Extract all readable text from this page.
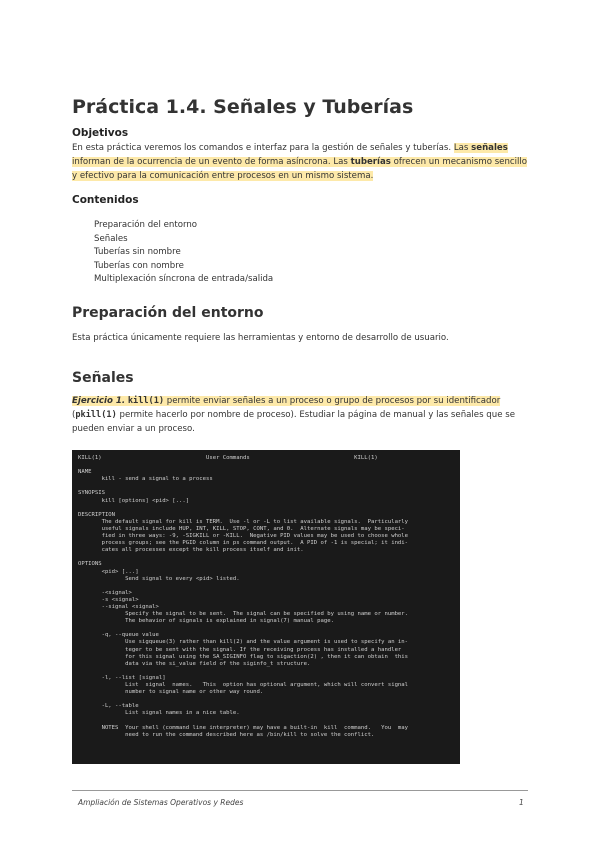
Práctica 1.4. Señales y Tuberías
Objetivos

En esta práctica veremos los comandos e interfaz para la gestión de señales y tuberías. Las señales informan de la ocurrencia de un evento de forma asíncrona. Las tuberías ofrecen un mecanismo sencillo y efectivo para la comunicación entre procesos en un mismo sistema.

Contenidos
Preparación del entorno
Señales
Tuberías sin nombre
Tuberías con nombre
Multiplexación síncrona de entrada/salida
Preparación del entorno

Esta práctica únicamente requiere las herramientas y entorno de desarrollo de usuario.

Señales

Ejercicio 1. kill(1) permite enviar señales a un proceso o grupo de procesos por su identificador (pkill(1) permite hacerlo por nombre de proceso). Estudiar la página de manual y las señales que se pueden enviar a un proceso.

KILL(1)                               User Commands                               KILL(1)

NAME
kill - send a signal to a process

SYNOPSIS
kill [options] <pid> [...]

DESCRIPTION
The default signal for kill is TERM.  Use -l or -L to list available signals.  Particularly
useful signals include HUP, INT, KILL, STOP, CONT, and 0.  Alternate signals may be speci-
fied in three ways: -9, -SIGKILL or -KILL.  Negative PID values may be used to choose whole
process groups; see the PGID column in ps command output.  A PID of -1 is special; it indi-
cates all processes except the kill process itself and init.

OPTIONS
<pid> [...]
Send signal to every <pid> listed.

-<signal>
-s <signal>
--signal <signal>
Specify the signal to be sent.  The signal can be specified by using name or number.
The behavior of signals is explained in signal(7) manual page.

-q, --queue value
Use sigqueue(3) rather than kill(2) and the value argument is used to specify an in-
teger to be sent with the signal. If the receiving process has installed a handler
for this signal using the SA_SIGINFO flag to sigaction(2) , then it can obtain  this
data via the si_value field of the siginfo_t structure.

-l, --list [signal]
List  signal  names.   This  option has optional argument, which will convert signal
number to signal name or other way round.

-L, --table
List signal names in a nice table.

NOTES  Your shell (command line interpreter) may have a built-in  kill  command.   You  may
need to run the command described here as /bin/kill to solve the conflict.
Ampliación de Sistemas Operativos y Redes	1
